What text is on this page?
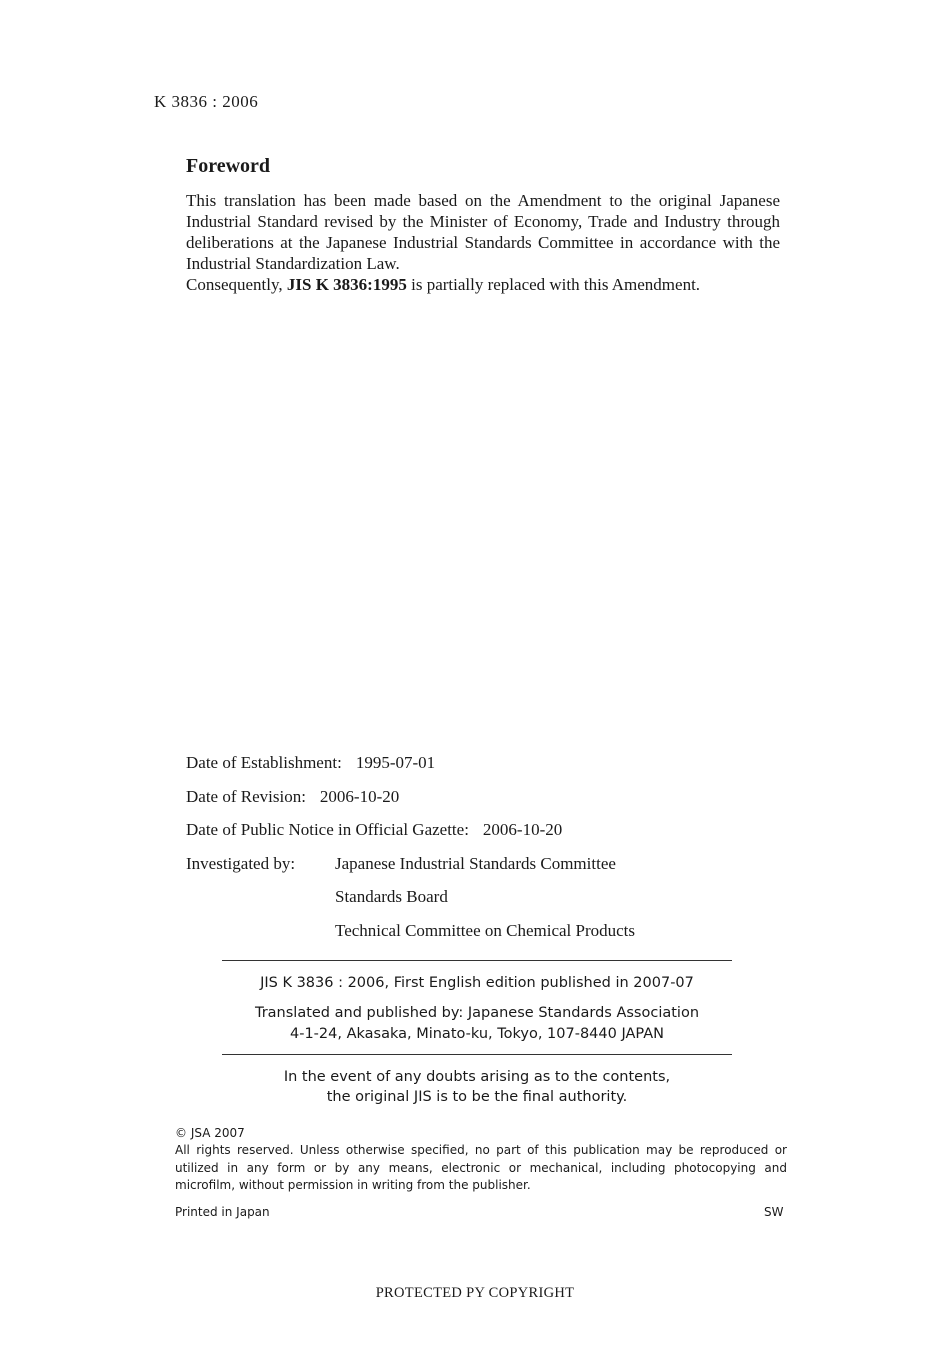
K 3836 : 2006
Foreword

This translation has been made based on the Amendment to the original Japanese Industrial Standard revised by the Minister of Economy, Trade and Industry through deliberations at the Japanese Industrial Standards Committee in accordance with the Industrial Standardization Law.

Consequently, JIS K 3836:1995 is partially replaced with this Amendment.

Date of Establishment: 1995-07-01
Date of Revision: 2006-10-20
Date of Public Notice in Official Gazette: 2006-10-20
Investigated by: Japanese Industrial Standards Committee
Standards Board
Technical Committee on Chemical Products
JIS K 3836 : 2006, First English edition published in 2007-07
Translated and published by: Japanese Standards Association
4-1-24, Akasaka, Minato-ku, Tokyo, 107-8440 JAPAN
In the event of any doubts arising as to the contents,
the original JIS is to be the final authority.
© JSA 2007
All rights reserved. Unless otherwise specified, no part of this publication may be reproduced or utilized in any form or by any means, electronic or mechanical, including photocopying and microfilm, without permission in writing from the publisher.
Printed in Japan	SW
PROTECTED PY COPYRIGHT
